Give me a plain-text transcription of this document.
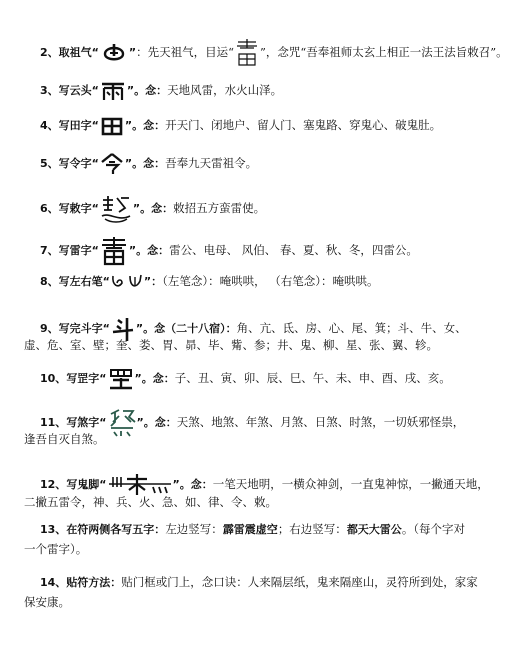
2、取祖气“	”：先天祖气，目运“ ”，念咒“吾奉祖师太玄上相正一法王法旨敕召”。
3、写云头“	”。念：天地风雷，水火山泽。
4、写田字“ ”。念：开天门、闭地户、留人门、塞鬼路、穿鬼心、破鬼肚。
5、写令字“ ”。念：吾奉九天雷祖令。
6、写敕字“	”。念：敕招五方蛮雷使。
7、写雷字“	”。念：雷公、电母、 风伯、 春、夏、秋、冬，四雷公。
8、写左右笔“	”：（左笔念）：唵哄哄， （右笔念）：唵哄哄。
9、写完斗字“ ”。念（二十八宿）：角、亢、氐、房、心、尾、箕；斗、牛、女、
虚、危、室、壁；奎、娄、胃、昴、毕、觜、参；井、鬼、柳、星、张、翼、轸。
10、写罡字“	”。念：子、丑、寅、卯、辰、巳、午、未、申、酉、戌、亥。
11、写煞字“	”。念：天煞、地煞、年煞、月煞、日煞、时煞，一切妖邪怪祟，
逢吾自灭自煞。
12、写鬼脚“	”。念：一笔天地明，一横众神剑，一直鬼神惊，一撇通天地，
二撇五雷令，神、兵、火、急、如、律、令、敕。
13、在符两侧各写五字：左边竖写：霹雷震虚空；右边竖写：都天大雷公。（每个字对
一个雷字）。
14、贴符方法：贴门框或门上，念口诀：人来隔层纸，鬼来隔座山，灵符所到处，家家
保安康。
